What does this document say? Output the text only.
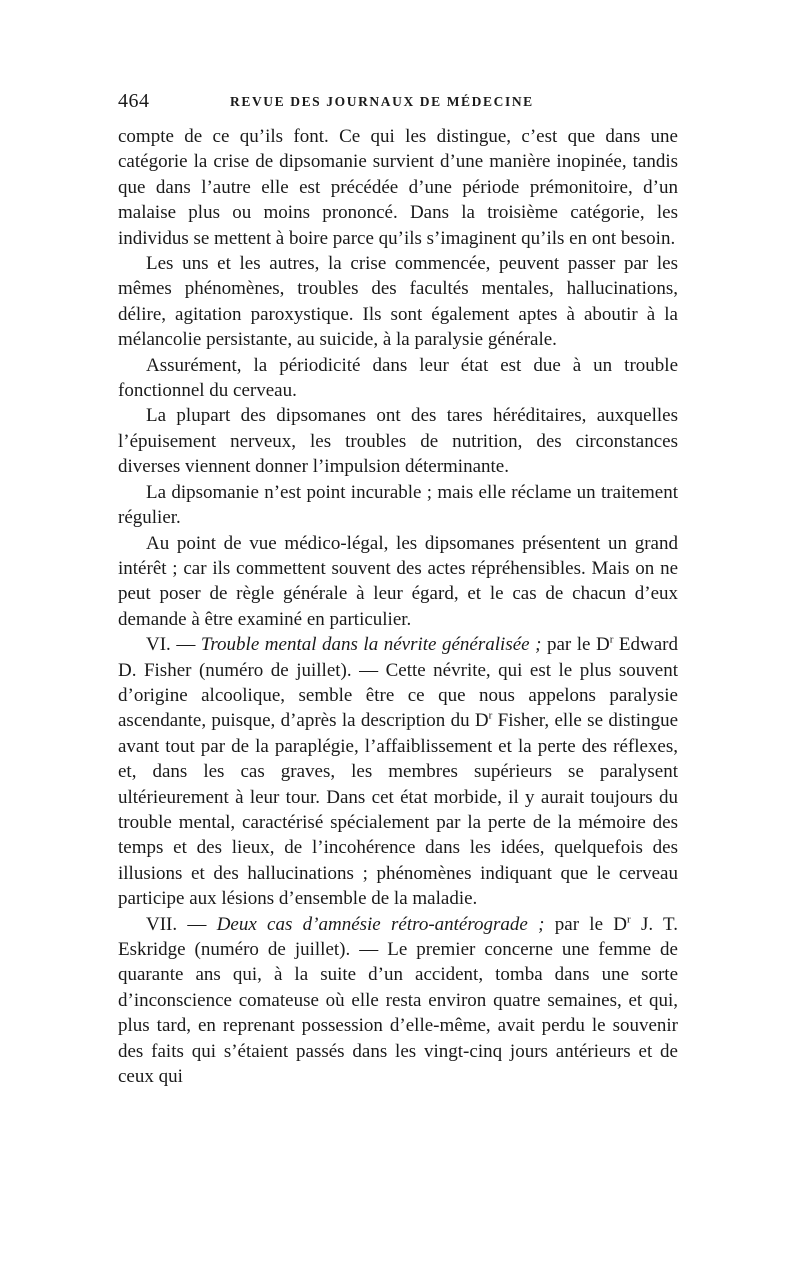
464	REVUE DES JOURNAUX DE MÉDECINE

compte de ce qu’ils font. Ce qui les distingue, c’est que dans une catégorie la crise de dipsomanie survient d’une manière inopinée, tandis que dans l’autre elle est précédée d’une période prémonitoire, d’un malaise plus ou moins prononcé. Dans la troisième catégorie, les individus se mettent à boire parce qu’ils s’imaginent qu’ils en ont besoin.

Les uns et les autres, la crise commencée, peuvent passer par les mêmes phénomènes, troubles des facultés mentales, hallucinations, délire, agitation paroxystique. Ils sont également aptes à aboutir à la mélancolie persistante, au suicide, à la paralysie générale.

Assurément, la périodicité dans leur état est due à un trouble fonctionnel du cerveau.

La plupart des dipsomanes ont des tares héréditaires, auxquelles l’épuisement nerveux, les troubles de nutrition, des circonstances diverses viennent donner l’impulsion déterminante.

La dipsomanie n’est point incurable ; mais elle réclame un traitement régulier.

Au point de vue médico-légal, les dipsomanes présentent un grand intérêt ; car ils commettent souvent des actes répréhensibles. Mais on ne peut poser de règle générale à leur égard, et le cas de chacun d’eux demande à être examiné en particulier.

VI. — Trouble mental dans la névrite généralisée ; par le $D^r$ Edward D. Fisher (numéro de juillet). — Cette névrite, qui est le plus souvent d’origine alcoolique, semble être ce que nous appelons paralysie ascendante, puisque, d’après la description du $D^r$ Fisher, elle se distingue avant tout par de la paraplégie, l’affaiblissement et la perte des réflexes, et, dans les cas graves, les membres supérieurs se paralysent ultérieurement à leur tour. Dans cet état morbide, il y aurait toujours du trouble mental, caractérisé spécialement par la perte de la mémoire des temps et des lieux, de l’incohérence dans les idées, quelquefois des illusions et des hallucinations ; phénomènes indiquant que le cerveau participe aux lésions d’ensemble de la maladie.

VII. — Deux cas d’amnésie rétro-antérograde ; par le $D^r$ J. T. Eskridge (numéro de juillet). — Le premier concerne une femme de quarante ans qui, à la suite d’un accident, tomba dans une sorte d’inconscience comateuse où elle resta environ quatre semaines, et qui, plus tard, en reprenant possession d’elle-même, avait perdu le souvenir des faits qui s’étaient passés dans les vingt-cinq jours antérieurs et de ceux qui
